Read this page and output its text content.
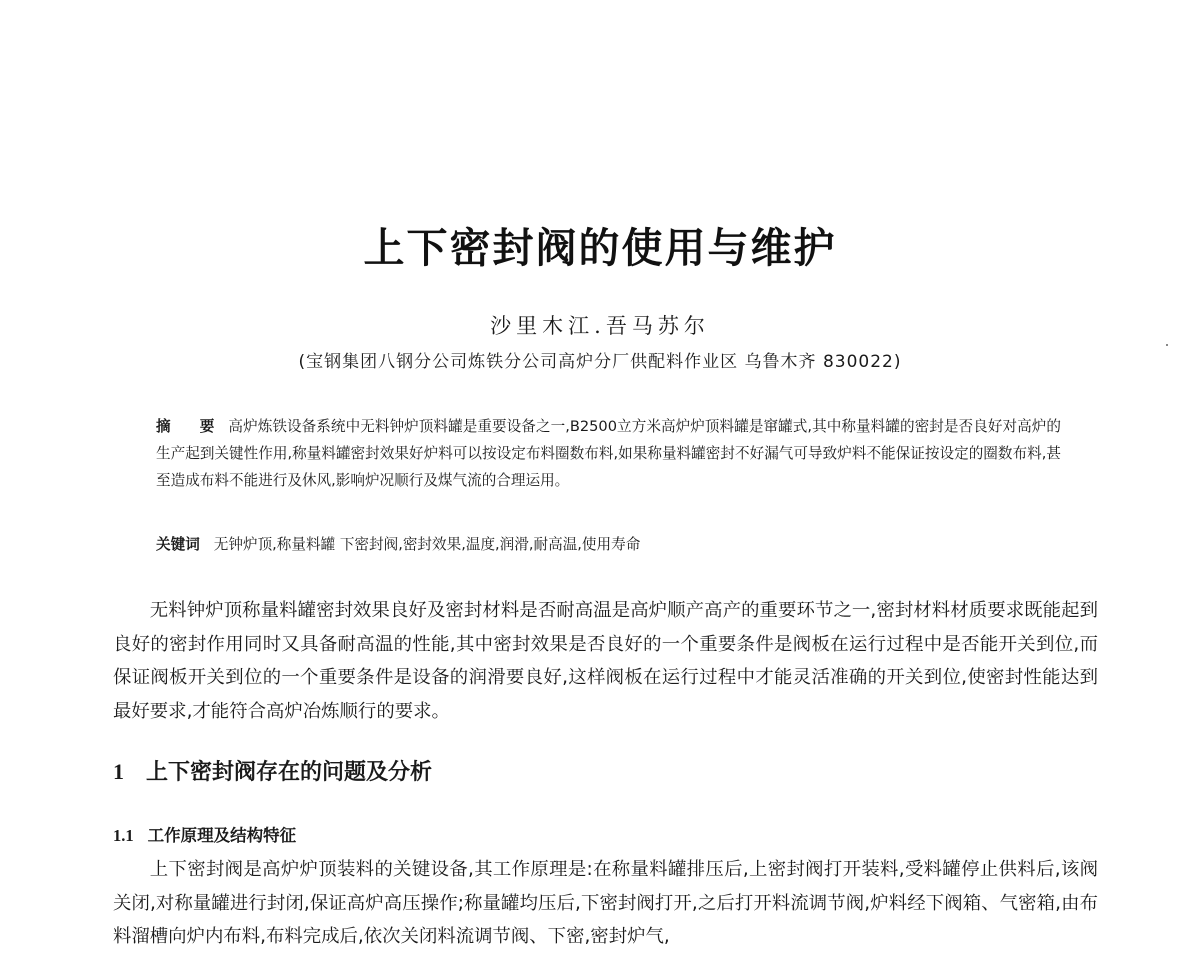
上下密封阀的使用与维护
沙里木江.吾马苏尔
(宝钢集团八钢分公司炼铁分公司高炉分厂供配料作业区 乌鲁木齐 830022)
摘 要 高炉炼铁设备系统中无料钟炉顶料罐是重要设备之一,B2500立方米高炉炉顶料罐是窜罐式,其中称量料罐的密封是否良好对高炉的生产起到关键性作用,称量料罐密封效果好炉料可以按设定布料圈数布料,如果称量料罐密封不好漏气可导致炉料不能保证按设定的圈数布料,甚至造成布料不能进行及休风,影响炉况顺行及煤气流的合理运用。
关键词 无钟炉顶,称量料罐 下密封阀,密封效果,温度,润滑,耐高温,使用寿命
无料钟炉顶称量料罐密封效果良好及密封材料是否耐高温是高炉顺产高产的重要环节之一,密封材料材质要求既能起到良好的密封作用同时又具备耐高温的性能,其中密封效果是否良好的一个重要条件是阀板在运行过程中是否能开关到位,而保证阀板开关到位的一个重要条件是设备的润滑要良好,这样阀板在运行过程中才能灵活准确的开关到位,使密封性能达到最好要求,才能符合高炉冶炼顺行的要求。
1 上下密封阀存在的问题及分析
1.1 工作原理及结构特征
上下密封阀是高炉炉顶装料的关键设备,其工作原理是:在称量料罐排压后,上密封阀打开装料,受料罐停止供料后,该阀关闭,对称量罐进行封闭,保证高炉高压操作;称量罐均压后,下密封阀打开,之后打开料流调节阀,炉料经下阀箱、气密箱,由布料溜槽向炉内布料,布料完成后,依次关闭料流调节阀、下密,密封炉气,
